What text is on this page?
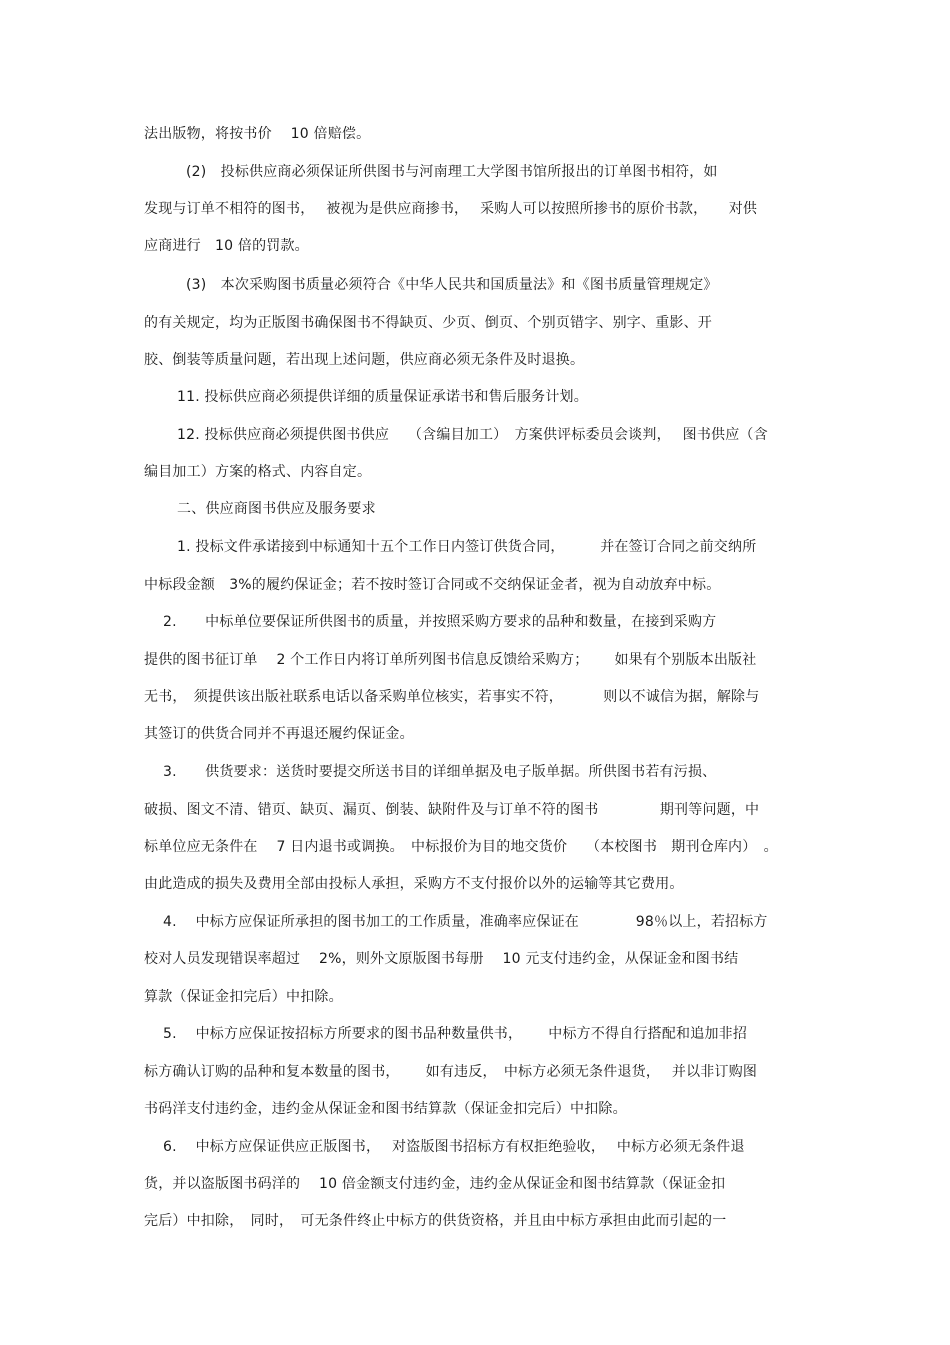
法出版物，将按书价　 10 倍赔偿。
(2)　投标供应商必须保证所供图书与河南理工大学图书馆所报出的订单图书相符，如
发现与订单不相符的图书，　 被视为是供应商掺书，　 采购人可以按照所掺书的原价书款，　　对供
应商进行　10 倍的罚款。
(3)　本次采购图书质量必须符合《中华人民共和国质量法》和《图书质量管理规定》
的有关规定，均为正版图书确保图书不得缺页、少页、倒页、个别页错字、别字、重影、开
胶、倒装等质量问题，若出现上述问题，供应商必须无条件及时退换。
11. 投标供应商必须提供详细的质量保证承诺书和售后服务计划。
12. 投标供应商必须提供图书供应　 （含编目加工）　方案供评标委员会谈判，　 图书供应（含
编目加工）方案的格式、内容自定。
二、供应商图书供应及服务要求
1. 投标文件承诺接到中标通知十五个工作日内签订供货合同，　　　并在签订合同之前交纳所
中标段金额　3%的履约保证金；若不按时签订合同或不交纳保证金者，视为自动放弃中标。
2.　　中标单位要保证所供图书的质量，并按照采购方要求的品种和数量，在接到采购方
提供的图书征订单　 2 个工作日内将订单所列图书信息反馈给采购方；　　 如果有个别版本出版社
无书，　须提供该出版社联系电话以备采购单位核实，若事实不符，　　　 则以不诚信为据，解除与
其签订的供货合同并不再退还履约保证金。
3.　　供货要求：送货时要提交所送书目的详细单据及电子版单据。所供图书若有污损、
破损、图文不清、错页、缺页、漏页、倒装、缺附件及与订单不符的图书　　　　 期刊等问题，中
标单位应无条件在　 7 日内退书或调换。　中标报价为目的地交货价　 （本校图书　期刊仓库内）　。
由此造成的损失及费用全部由投标人承担，采购方不支付报价以外的运输等其它费用。
4.　 中标方应保证所承担的图书加工的工作质量，准确率应保证在　　　　98％以上，若招标方
校对人员发现错误率超过　 2%，则外文原版图书每册　 10 元支付违约金，从保证金和图书结
算款（保证金扣完后）中扣除。
5.　 中标方应保证按招标方所要求的图书品种数量供书，　　 中标方不得自行搭配和追加非招
标方确认订购的品种和复本数量的图书，　　 如有违反，　中标方必须无条件退货，　 并以非订购图
书码洋支付违约金，违约金从保证金和图书结算款（保证金扣完后）中扣除。
6.　 中标方应保证供应正版图书，　 对盗版图书招标方有权拒绝验收，　 中标方必须无条件退
货，并以盗版图书码洋的　 10 倍金额支付违约金，违约金从保证金和图书结算款（保证金扣
完后）中扣除，　同时，　可无条件终止中标方的供货资格，并且由中标方承担由此而引起的一
